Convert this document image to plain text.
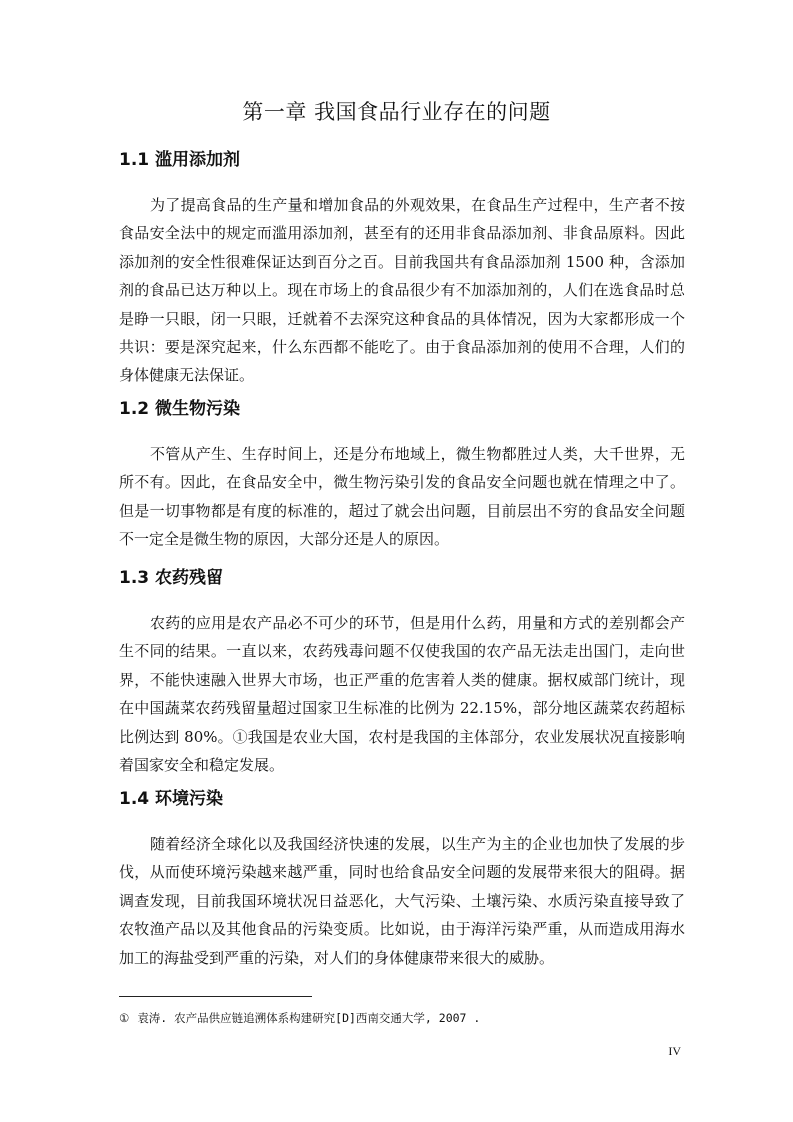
第一章 我国食品行业存在的问题
1.1 滥用添加剂

为了提高食品的生产量和增加食品的外观效果，在食品生产过程中，生产者不按食品安全法中的规定而滥用添加剂，甚至有的还用非食品添加剂、非食品原料。因此添加剂的安全性很难保证达到百分之百。目前我国共有食品添加剂 1500 种，含添加剂的食品已达万种以上。现在市场上的食品很少有不加添加剂的，人们在选食品时总是睁一只眼，闭一只眼，迁就着不去深究这种食品的具体情况，因为大家都形成一个共识：要是深究起来，什么东西都不能吃了。由于食品添加剂的使用不合理，人们的身体健康无法保证。

1.2 微生物污染

不管从产生、生存时间上，还是分布地域上，微生物都胜过人类，大千世界，无所不有。因此，在食品安全中，微生物污染引发的食品安全问题也就在情理之中了。但是一切事物都是有度的标准的，超过了就会出问题，目前层出不穷的食品安全问题不一定全是微生物的原因，大部分还是人的原因。

1.3 农药残留

农药的应用是农产品必不可少的环节，但是用什么药，用量和方式的差别都会产生不同的结果。一直以来，农药残毒问题不仅使我国的农产品无法走出国门，走向世界，不能快速融入世界大市场，也正严重的危害着人类的健康。据权威部门统计，现在中国蔬菜农药残留量超过国家卫生标准的比例为 22.15%，部分地区蔬菜农药超标比例达到 80%。①我国是农业大国，农村是我国的主体部分，农业发展状况直接影响着国家安全和稳定发展。

1.4 环境污染

随着经济全球化以及我国经济快速的发展，以生产为主的企业也加快了发展的步伐，从而使环境污染越来越严重，同时也给食品安全问题的发展带来很大的阻碍。据调查发现，目前我国环境状况日益恶化，大气污染、土壤污染、水质污染直接导致了农牧渔产品以及其他食品的污染变质。比如说，由于海洋污染严重，从而造成用海水加工的海盐受到严重的污染，对人们的身体健康带来很大的威胁。

① 袁涛. 农产品供应链追溯体系构建研究[D]西南交通大学, 2007 .

IV
